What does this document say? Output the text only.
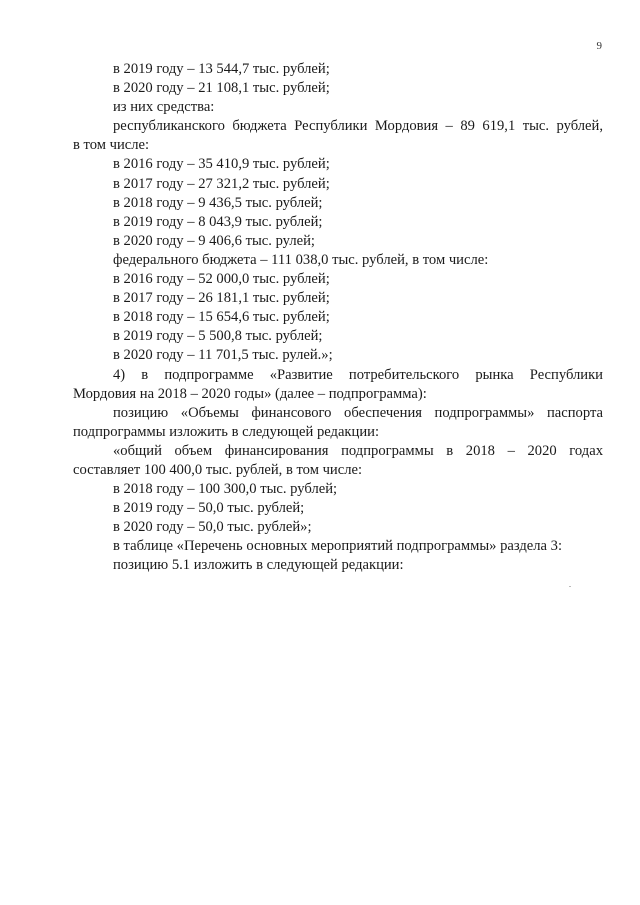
9
в 2019 году – 13 544,7 тыс. рублей;
в 2020 году – 21 108,1 тыс. рублей;
из них средства:
республиканского бюджета Республики Мордовия – 89 619,1 тыс. рублей,
в том числе:
в 2016 году – 35 410,9 тыс. рублей;
в 2017 году – 27 321,2 тыс. рублей;
в 2018 году – 9 436,5 тыс. рублей;
в 2019 году – 8 043,9 тыс. рублей;
в 2020 году – 9 406,6 тыс. рулей;
федерального бюджета – 111 038,0 тыс. рублей, в том числе:
в 2016 году – 52 000,0 тыс. рублей;
в 2017 году – 26 181,1 тыс. рублей;
в 2018 году – 15 654,6 тыс. рублей;
в 2019 году – 5 500,8 тыс. рублей;
в 2020 году – 11 701,5 тыс. рулей.»;
4) в подпрограмме «Развитие потребительского рынка Республики
Мордовия на 2018 – 2020 годы» (далее – подпрограмма):
позицию «Объемы финансового обеспечения подпрограммы» паспорта
подпрограммы изложить в следующей редакции:
«общий объем финансирования подпрограммы в 2018 – 2020 годах
составляет 100 400,0 тыс. рублей, в том числе:
в 2018 году – 100 300,0 тыс. рублей;
в 2019 году – 50,0 тыс. рублей;
в 2020 году – 50,0 тыс. рублей»;
в таблице «Перечень основных мероприятий подпрограммы» раздела 3:
позицию 5.1 изложить в следующей редакции:
